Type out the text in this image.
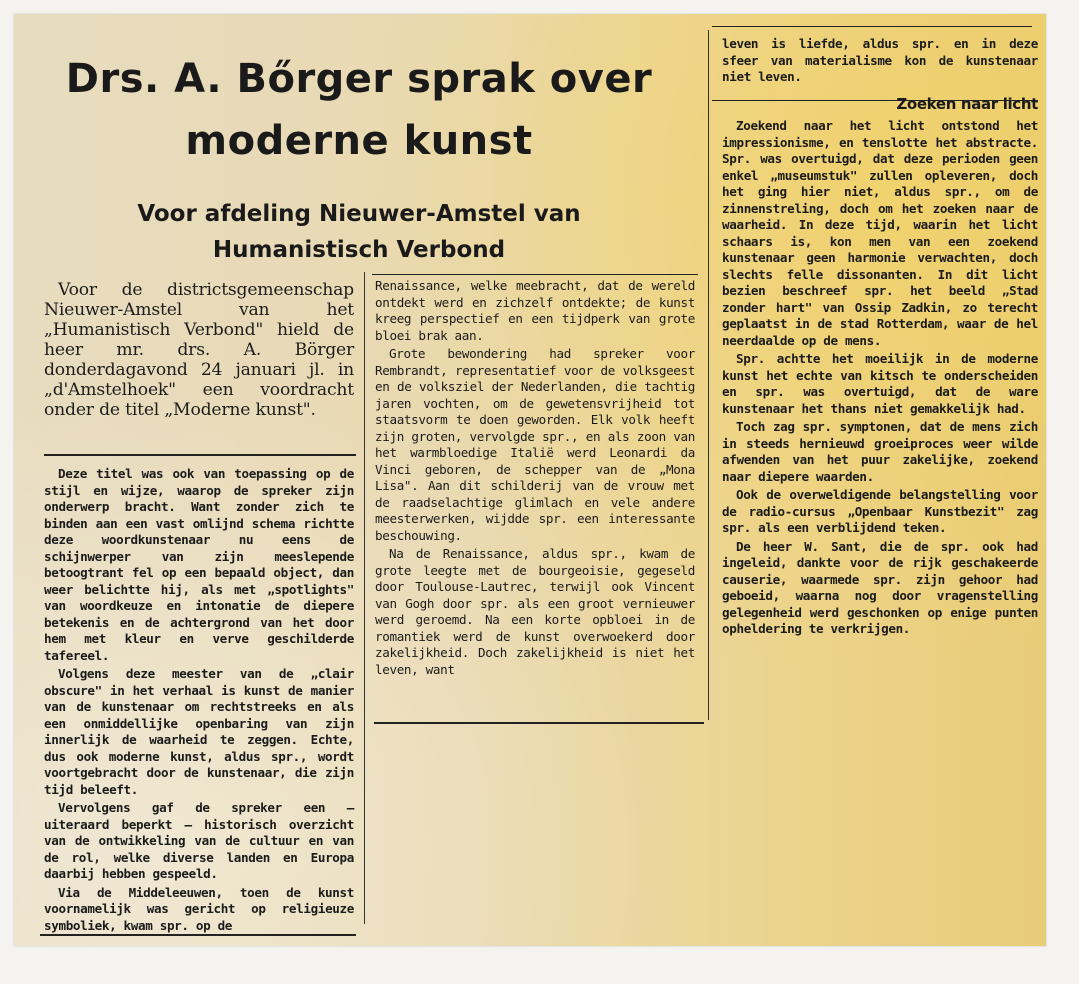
Drs. A. Bőrger sprak over
moderne kunst
Voor afdeling Nieuwer-Amstel van
Humanistisch Verbond
Voor de districtsgemeenschap Nieuwer-Amstel van het „Humanistisch Verbond" hield de heer mr. drs. A. Börger donderdagavond 24 januari jl. in „d'Amstelhoek" een voordracht onder de titel „Moderne kunst".

Deze titel was ook van toepassing op de stijl en wijze, waarop de spreker zijn onderwerp bracht. Want zonder zich te binden aan een vast omlijnd schema richtte deze woordkunstenaar nu eens de schijnwerper van zijn meeslepende betoogtrant fel op een bepaald object, dan weer belichtte hij, als met „spotlights" van woordkeuze en intonatie de diepere betekenis en de achtergrond van het door hem met kleur en verve geschilderde tafereel.

Volgens deze meester van de „clair obscure" in het verhaal is kunst de manier van de kunstenaar om rechtstreeks en als een onmiddellijke openbaring van zijn innerlijk de waarheid te zeggen. Echte, dus ook moderne kunst, aldus spr., wordt voortgebracht door de kunstenaar, die zijn tijd beleeft.

Vervolgens gaf de spreker een — uiteraard beperkt — historisch overzicht van de ontwikkeling van de cultuur en van de rol, welke diverse landen en Europa daarbij hebben gespeeld.

Via de Middeleeuwen, toen de kunst voornamelijk was gericht op religieuze symboliek, kwam spr. op de

Renaissance, welke meebracht, dat de wereld ontdekt werd en zichzelf ontdekte; de kunst kreeg perspectief en een tijdperk van grote bloei brak aan.

Grote bewondering had spreker voor Rembrandt, representatief voor de volksgeest en de volksziel der Nederlanden, die tachtig jaren vochten, om de gewetensvrijheid tot staatsvorm te doen geworden. Elk volk heeft zijn groten, vervolgde spr., en als zoon van het warmbloedige Italië werd Leonardi da Vinci geboren, de schepper van de „Mona Lisa". Aan dit schilderij van de vrouw met de raadselachtige glimlach en vele andere meesterwerken, wijdde spr. een interessante beschouwing.

Na de Renaissance, aldus spr., kwam de grote leegte met de bourgeoisie, gegeseld door Toulouse-Lautrec, terwijl ook Vincent van Gogh door spr. als een groot vernieuwer werd geroemd. Na een korte opbloei in de romantiek werd de kunst overwoekerd door zakelijkheid. Doch zakelijkheid is niet het leven, want

leven is liefde, aldus spr. en in deze sfeer van materialisme kon de kunstenaar niet leven.

Zoeken naar licht

Zoekend naar het licht ontstond het impressionisme, en tenslotte het abstracte. Spr. was overtuigd, dat deze perioden geen enkel „museumstuk" zullen opleveren, doch het ging hier niet, aldus spr., om de zinnenstreling, doch om het zoeken naar de waarheid. In deze tijd, waarin het licht schaars is, kon men van een zoekend kunstenaar geen harmonie verwachten, doch slechts felle dissonanten. In dit licht bezien beschreef spr. het beeld „Stad zonder hart" van Ossip Zadkin, zo terecht geplaatst in de stad Rotterdam, waar de hel neerdaalde op de mens.

Spr. achtte het moeilijk in de moderne kunst het echte van kitsch te onderscheiden en spr. was overtuigd, dat de ware kunstenaar het thans niet gemakkelijk had.

Toch zag spr. symptonen, dat de mens zich in steeds hernieuwd groeiproces weer wilde afwenden van het puur zakelijke, zoekend naar diepere waarden.

Ook de overweldigende belangstelling voor de radio-cursus „Openbaar Kunstbezit" zag spr. als een verblijdend teken.

De heer W. Sant, die de spr. ook had ingeleid, dankte voor de rijk geschakeerde causerie, waarmede spr. zijn gehoor had geboeid, waarna nog door vragenstelling gelegenheid werd geschonken op enige punten opheldering te verkrijgen.
